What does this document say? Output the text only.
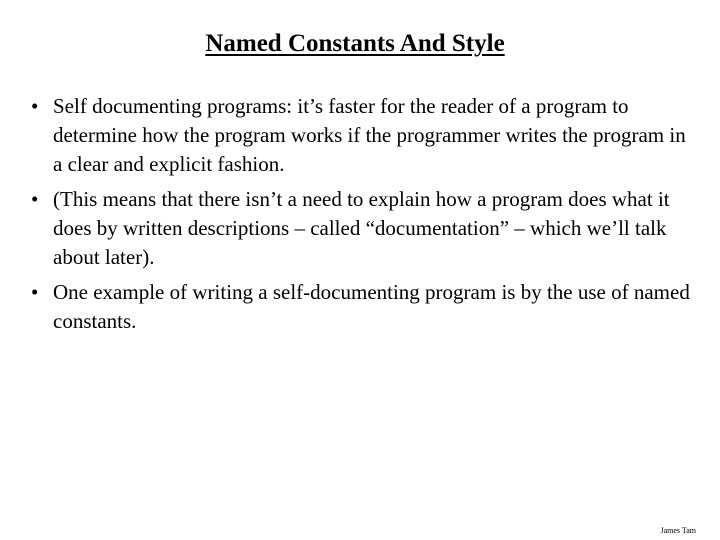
Named Constants And Style
• Self documenting programs: it’s faster for the reader of a program to determine how the program works if the programmer writes the program in a clear and explicit fashion.
• (This means that there isn’t a need to explain how a program does what it does by written descriptions – called “documentation” – which we’ll talk about later).
• One example of writing a self-documenting program is by the use of named constants.
James Tam
